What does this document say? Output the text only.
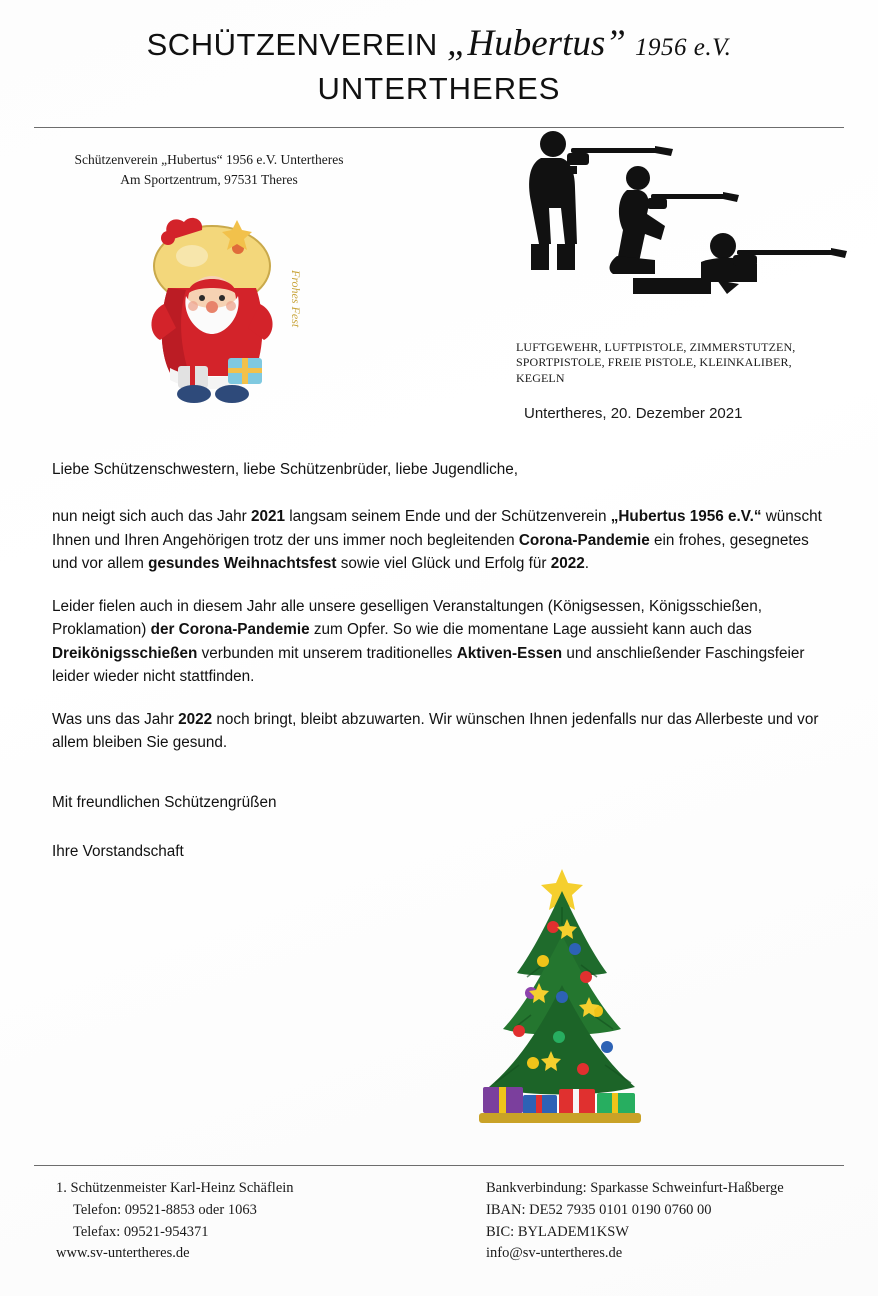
SCHÜTZENVEREIN „Hubertus” 1956 e.V.
UNTERTHERES
Schützenverein „Hubertus“ 1956 e.V. Untertheres
Am Sportzentrum, 97531 Theres
Frohes Fest
LUFTGEWEHR, LUFTPISTOLE, ZIMMERSTUTZEN,
SPORTPISTOLE, FREIE PISTOLE, KLEINKALIBER,
KEGELN
Untertheres, 20. Dezember 2021

Liebe Schützenschwestern, liebe Schützenbrüder, liebe Jugendliche,

nun neigt sich auch das Jahr 2021 langsam seinem Ende und der Schützenverein „Hubertus 1956 e.V.“ wünscht Ihnen und Ihren Angehörigen trotz der uns immer noch begleitenden Corona-Pandemie ein frohes, gesegnetes und vor allem gesundes Weihnachtsfest sowie viel Glück und Erfolg für 2022.

Leider fielen auch in diesem Jahr alle unsere geselligen Veranstaltungen (Königsessen, Königsschießen, Proklamation) der Corona-Pandemie zum Opfer. So wie die momentane Lage aussieht kann auch das Dreikönigsschießen verbunden mit unserem traditionelles Aktiven-Essen und anschließender Faschingsfeier leider wieder nicht stattfinden.

Was uns das Jahr 2022 noch bringt, bleibt abzuwarten. Wir wünschen Ihnen jedenfalls nur das Allerbeste und vor allem bleiben Sie gesund.

Mit freundlichen Schützengrüßen

Ihre Vorstandschaft

1. Schützenmeister Karl-Heinz Schäflein
Telefon: 09521-8853 oder 1063
Telefax: 09521-954371
www.sv-untertheres.de
Bankverbindung: Sparkasse Schweinfurt-Haßberge
IBAN: DE52 7935 0101 0190 0760 00
BIC: BYLADEM1KSW
info@sv-untertheres.de
